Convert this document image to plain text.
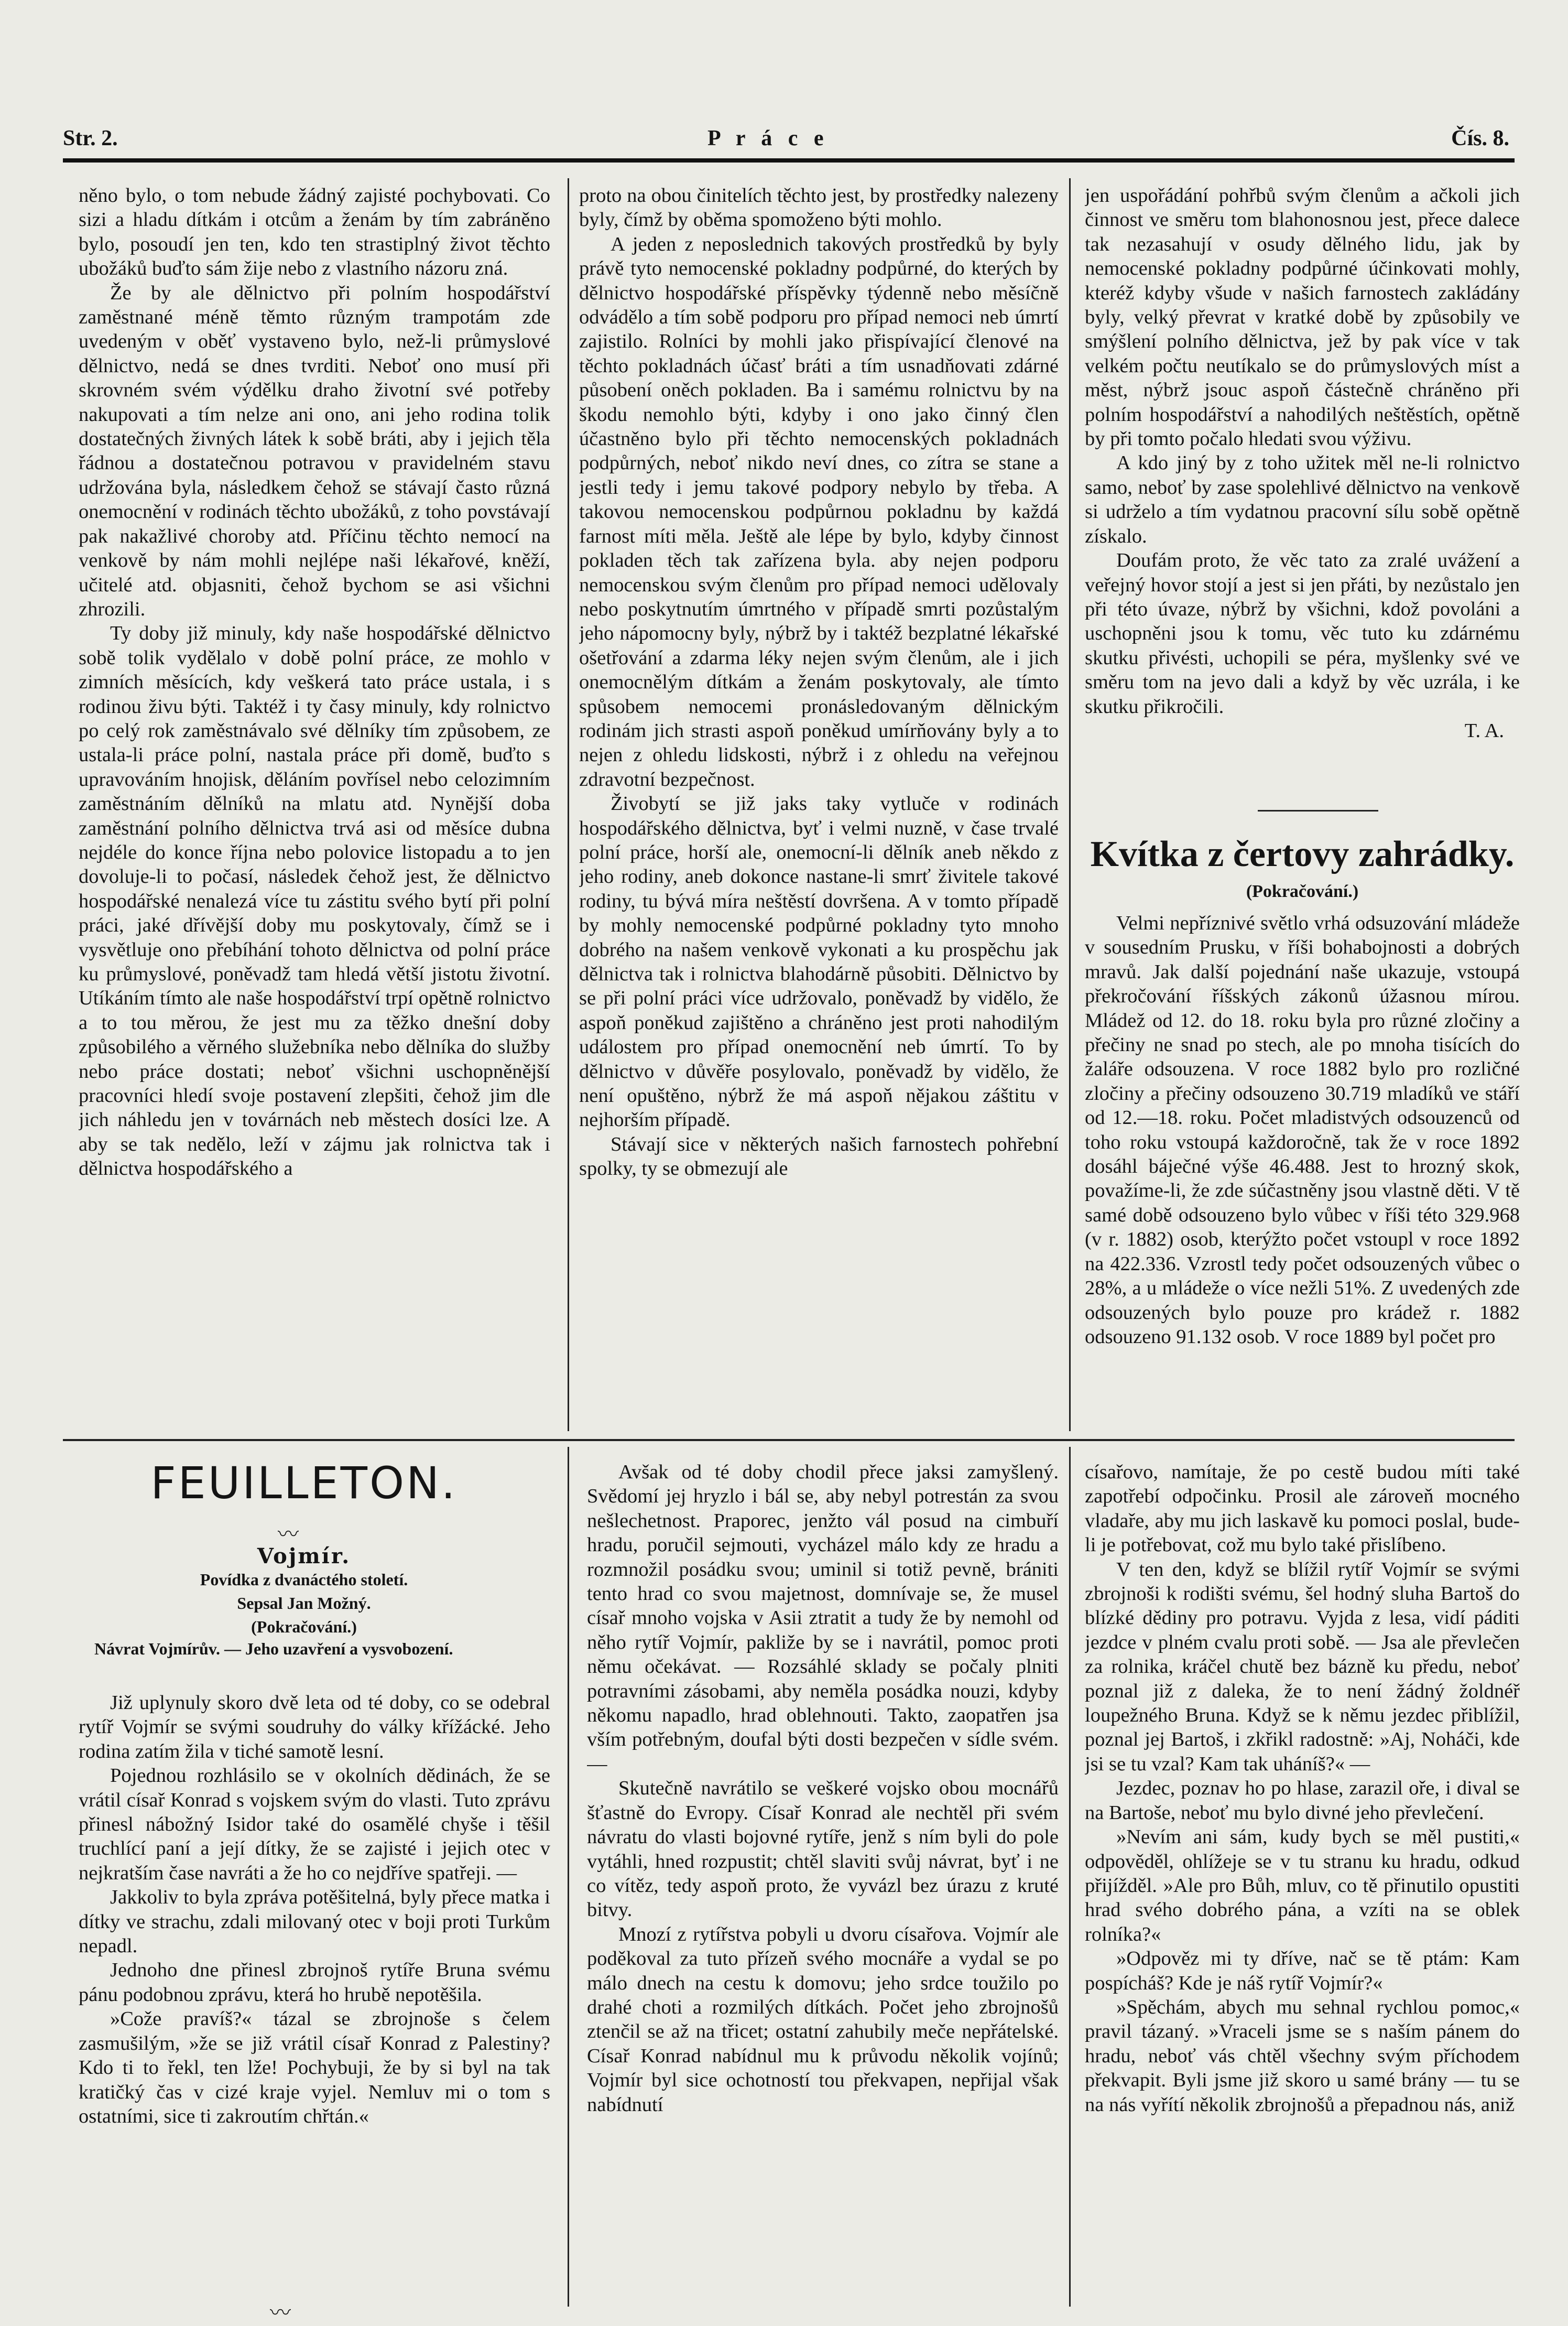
Str. 2.	P r á c e	Čís. 8.

něno bylo, o tom nebude žádný zajisté pochybovati. Co sizi a hladu dítkám i otcům a ženám by tím zabráněno bylo, posoudí jen ten, kdo ten strastiplný život těchto ubožáků buďto sám žije nebo z vlastního názoru zná.

Že by ale dělnictvo při polním hospodářství zaměstnané méně těmto různým trampotám zde uvedeným v oběť vystaveno bylo, než-li průmyslové dělnictvo, nedá se dnes tvrditi. Neboť ono musí při skrovném svém výdělku draho životní své potřeby nakupovati a tím nelze ani ono, ani jeho rodina tolik dostatečných živných látek k sobě bráti, aby i jejich těla řádnou a dostatečnou potravou v pravidelném stavu udržována byla, následkem čehož se stávají často různá onemocnění v rodinách těchto ubožáků, z toho povstávají pak nakažlivé choroby atd. Příčinu těchto nemocí na venkově by nám mohli nejlépe naši lékařové, kněží, učitelé atd. objasniti, čehož bychom se asi všichni zhrozili.

Ty doby již minuly, kdy naše hospodářské dělnictvo sobě tolik vydělalo v době polní práce, ze mohlo v zimních měsících, kdy veškerá tato práce ustala, i s rodinou živu býti. Taktéž i ty časy minuly, kdy rolnictvo po celý rok zaměstnávalo své dělníky tím způsobem, ze ustala-li práce polní, nastala práce při domě, buďto s upravováním hnojisk, děláním povřísel nebo celozimním zaměstnáním dělníků na mlatu atd. Nynější doba zaměstnání polního dělnictva trvá asi od měsíce dubna nejdéle do konce října nebo polovice listopadu a to jen dovoluje-li to počasí, následek čehož jest, že dělnictvo hospodářské nenalezá více tu zástitu svého bytí při polní práci, jaké dřívější doby mu poskytovaly, čímž se i vysvětluje ono přebíhání tohoto dělnictva od polní práce ku průmyslové, poněvadž tam hledá větší jistotu životní. Utíkáním tímto ale naše hospodářství trpí opětně rolnictvo a to tou měrou, že jest mu za těžko dnešní doby způsobilého a věrného služebníka nebo dělníka do služby nebo práce dostati; neboť všichni uschopněnější pracovníci hledí svoje postavení zlepšiti, čehož jim dle jich náhledu jen v továrnách neb městech dosíci lze. A aby se tak nedělo, leží v zájmu jak rolnictva tak i dělnictva hospodářského a

proto na obou činitelích těchto jest, by prostředky nalezeny byly, čímž by oběma spomoženo býti mohlo.

A jeden z neposlednich takových prostředků by byly právě tyto nemocenské pokladny podpůrné, do kterých by dělnictvo hospodářské příspěvky týdenně nebo měsíčně odvádělo a tím sobě podporu pro případ nemoci neb úmrtí zajistilo. Rolníci by mohli jako přispívající členové na těchto pokladnách účasť bráti a tím usnadňovati zdárné působení oněch pokladen. Ba i samému rolnictvu by na škodu nemohlo býti, kdyby i ono jako činný člen účastněno bylo při těchto nemocenských pokladnách podpůrných, neboť nikdo neví dnes, co zítra se stane a jestli tedy i jemu takové podpory nebylo by třeba. A takovou nemocenskou podpůrnou pokladnu by každá farnost míti měla. Ještě ale lépe by bylo, kdyby činnost pokladen těch tak zařízena byla. aby nejen podporu nemocenskou svým členům pro případ nemoci udělovaly nebo poskytnutím úmrtného v případě smrti pozůstalým jeho nápomocny byly, nýbrž by i taktéž bezplatné lékařské ošetřování a zdarma léky nejen svým členům, ale i jich onemocnělým dítkám a ženám poskytovaly, ale tímto spůsobem nemocemi pronásledovaným dělnickým rodinám jich strasti aspoň poněkud umírňovány byly a to nejen z ohledu lidskosti, nýbrž i z ohledu na veřejnou zdravotní bezpečnost.

Živobytí se již jaks taky vytluče v rodinách hospodářského dělnictva, byť i velmi nuzně, v čase trvalé polní práce, horší ale, onemocní-li dělník aneb někdo z jeho rodiny, aneb dokonce nastane-li smrť živitele takové rodiny, tu bývá míra neštěstí dovršena. A v tomto případě by mohly nemocenské podpůrné pokladny tyto mnoho dobrého na našem venkově vykonati a ku prospěchu jak dělnictva tak i rolnictva blahodárně působiti. Dělnictvo by se při polní práci více udržovalo, poněvadž by vidělo, že aspoň poněkud zajištěno a chráněno jest proti nahodilým událostem pro případ onemocnění neb úmrtí. To by dělnictvo v důvěře posylovalo, poněvadž by vidělo, že není opuštěno, nýbrž že má aspoň nějakou záštitu v nejhorším případě.

Stávají sice v některých našich farnostech pohřební spolky, ty se obmezují ale

jen uspořádání pohřbů svým členům a ačkoli jich činnost ve směru tom blahonosnou jest, přece dalece tak nezasahují v osudy dělného lidu, jak by nemocenské pokladny podpůrné účinkovati mohly, kteréž kdyby všude v našich farnostech zakládány byly, velký převrat v kratké době by způsobily ve smýšlení polního dělnictva, jež by pak více v tak velkém počtu neutíkalo se do průmyslových míst a měst, nýbrž jsouc aspoň částečně chráněno při polním hospodářství a nahodilých neštěstích, opětně by při tomto počalo hledati svou výživu.

A kdo jiný by z toho užitek měl ne-li rolnictvo samo, neboť by zase spolehlivé dělnictvo na venkově si udrželo a tím vydatnou pracovní sílu sobě opětně získalo.

Doufám proto, že věc tato za zralé uvážení a veřejný hovor stojí a jest si jen přáti, by nezůstalo jen při této úvaze, nýbrž by všichni, kdož povoláni a uschopněni jsou k tomu, věc tuto ku zdárnému skutku přivésti, uchopili se péra, myšlenky své ve směru tom na jevo dali a když by věc uzrála, i ke skutku přikročili.

T. A.

Kvítka z čertovy zahrádky.
(Pokračování.)

Velmi nepříznivé světlo vrhá odsuzování mládeže v sousedním Prusku, v říši bohabojnosti a dobrých mravů. Jak další pojednání naše ukazuje, vstoupá překročování říšských zákonů úžasnou mírou. Mládež od 12. do 18. roku byla pro různé zločiny a přečiny ne snad po stech, ale po mnoha tisících do žaláře odsouzena. V roce 1882 bylo pro rozličné zločiny a přečiny odsouzeno 30.719 mladíků ve stáří od 12.—18. roku. Počet mladistvých odsouzenců od toho roku vstoupá každoročně, tak že v roce 1892 dosáhl báječné výše 46.488. Jest to hrozný skok, považíme-li, že zde súčastněny jsou vlastně děti. V tě samé době odsouzeno bylo vůbec v říši této 329.968 (v r. 1882) osob, kterýžto počet vstoupl v roce 1892 na 422.336. Vzrostl tedy počet odsouzených vůbec o 28%, a u mládeže o více nežli 51%. Z uvedených zde odsouzených bylo pouze pro krádež r. 1882 odsouzeno 91.132 osob. V roce 1889 byl počet pro

FEUILLETON.
〰
Vojmír.
Povídka z dvanáctého století.
Sepsal Jan Možný.
(Pokračování.)
Návrat Vojmírův. — Jeho uzavření a vysvobození.

Již uplynuly skoro dvě leta od té doby, co se odebral rytíř Vojmír se svými soudruhy do války křížácké. Jeho rodina zatím žila v tiché samotě lesní.

Pojednou rozhlásilo se v okolních dědinách, že se vrátil císař Konrad s vojskem svým do vlasti. Tuto zprávu přinesl nábožný Isidor také do osamělé chyše i těšil truchlící paní a její dítky, že se zajisté i jejich otec v nejkratším čase navráti a že ho co nejdříve spatřeji. —

Jakkoliv to byla zpráva potěšitelná, byly přece matka i dítky ve strachu, zdali milovaný otec v boji proti Turkům nepadl.

Jednoho dne přinesl zbrojnoš rytíře Bruna svému pánu podobnou zprávu, která ho hrubě nepotěšila.

»Cože pravíš?« tázal se zbrojnoše s čelem zasmušilým, »že se již vrátil císař Konrad z Palestiny? Kdo ti to řekl, ten lže! Pochybuji, že by si byl na tak kratičký čas v cizé kraje vyjel. Nemluv mi o tom s ostatními, sice ti zakroutím chřtán.«

〰

Avšak od té doby chodil přece jaksi zamyšlený. Svědomí jej hryzlo i bál se, aby nebyl potrestán za svou nešlechetnost. Praporec, jenžto vál posud na cimbuří hradu, poručil sejmouti, vycházel málo kdy ze hradu a rozmnožil posádku svou; uminil si totiž pevně, brániti tento hrad co svou majetnost, domnívaje se, že musel císař mnoho vojska v Asii ztratit a tudy že by nemohl od něho rytíř Vojmír, pakliže by se i navrátil, pomoc proti němu očekávat. — Rozsáhlé sklady se počaly plniti potravními zásobami, aby neměla posádka nouzi, kdyby někomu napadlo, hrad oblehnouti. Takto, zaopatřen jsa vším potřebným, doufal býti dosti bezpečen v sídle svém. —

Skutečně navrátilo se veškeré vojsko obou mocnářů šťastně do Evropy. Císař Konrad ale nechtěl při svém návratu do vlasti bojovné rytíře, jenž s ním byli do pole vytáhli, hned rozpustit; chtěl slaviti svůj návrat, byť i ne co vítěz, tedy aspoň proto, že vyvázl bez úrazu z kruté bitvy.

Mnozí z rytířstva pobyli u dvoru císařova. Vojmír ale poděkoval za tuto přízeň svého mocnáře a vydal se po málo dnech na cestu k domovu; jeho srdce toužilo po drahé choti a rozmilých dítkách. Počet jeho zbrojnošů ztenčil se až na třicet; ostatní zahubily meče nepřátelské. Císař Konrad nabídnul mu k průvodu několik vojínů; Vojmír byl sice ochotností tou překvapen, nepřijal však nabídnutí

císařovo, namítaje, že po cestě budou míti také zapotřebí odpočinku. Prosil ale zároveň mocného vladaře, aby mu jich laskavě ku pomoci poslal, bude-li je potřebovat, což mu bylo také přislíbeno.

V ten den, když se blížil rytíř Vojmír se svými zbrojnoši k rodišti svému, šel hodný sluha Bartoš do blízké dědiny pro potravu. Vyjda z lesa, vidí páditi jezdce v plném cvalu proti sobě. — Jsa ale převlečen za rolnika, kráčel chutě bez bázně ku předu, neboť poznal již z daleka, že to není žádný žoldnéř loupežného Bruna. Když se k němu jezdec přiblížil, poznal jej Bartoš, i zkřikl radostně: »Aj, Noháči, kde jsi se tu vzal? Kam tak uháníš?« —

Jezdec, poznav ho po hlase, zarazil oře, i dival se na Bartoše, neboť mu bylo divné jeho převlečení.

»Nevím ani sám, kudy bych se měl pustiti,« odpověděl, ohlížeje se v tu stranu ku hradu, odkud přijížděl. »Ale pro Bůh, mluv, co tě přinutilo opustiti hrad svého dobrého pána, a vzíti na se oblek rolníka?«

»Odpověz mi ty dříve, nač se tě ptám: Kam pospícháš? Kde je náš rytíř Vojmír?«

»Spěchám, abych mu sehnal rychlou pomoc,« pravil tázaný. »Vraceli jsme se s naším pánem do hradu, neboť vás chtěl všechny svým příchodem překvapit. Byli jsme již skoro u samé brány — tu se na nás vyřítí několik zbrojnošů a přepadnou nás, aniž
